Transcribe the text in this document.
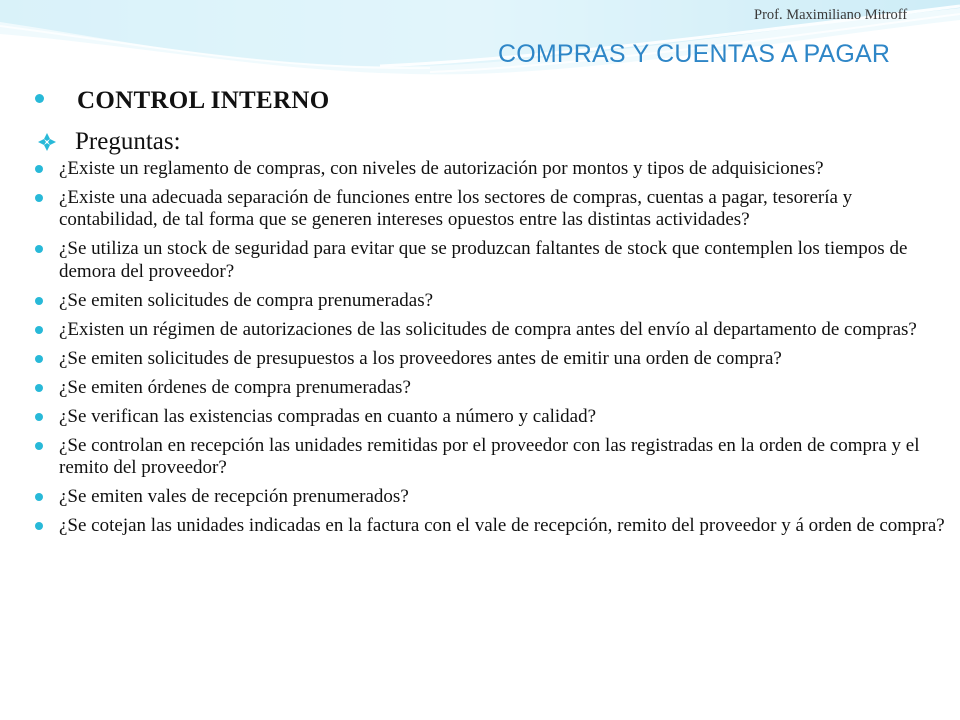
Prof. Maximiliano Mitroff
COMPRAS Y CUENTAS A PAGAR
CONTROL INTERNO
Preguntas:
¿Existe un reglamento de compras, con niveles de autorización por montos y tipos de adquisiciones?
¿Existe una adecuada separación de funciones entre los sectores de compras, cuentas a pagar, tesorería y contabilidad, de tal forma que se generen intereses opuestos entre las distintas actividades?
¿Se utiliza un stock de seguridad para evitar que se produzcan faltantes de stock que contemplen los tiempos de demora del proveedor?
¿Se emiten solicitudes de compra prenumeradas?
¿Existen un régimen de autorizaciones de las solicitudes de compra antes del envío al departamento de compras?
¿Se emiten solicitudes de presupuestos a los proveedores antes de emitir una orden de compra?
¿Se emiten órdenes de compra prenumeradas?
¿Se verifican las existencias compradas en cuanto a número y calidad?
¿Se controlan en recepción las unidades remitidas por el proveedor con las registradas en la orden de compra y el remito del proveedor?
¿Se emiten vales de recepción prenumerados?
¿Se cotejan las unidades indicadas en la factura con el vale de recepción, remito del proveedor y á orden de compra?
